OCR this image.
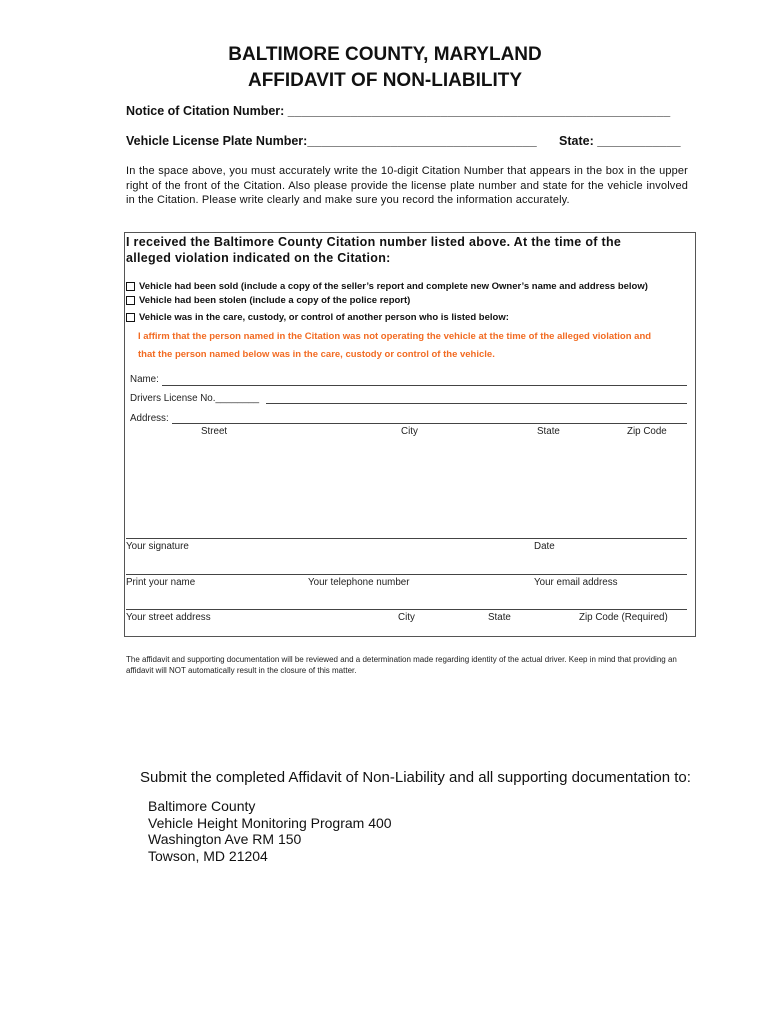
BALTIMORE COUNTY, MARYLAND
AFFIDAVIT OF NON-LIABILITY
Notice of Citation Number: _______________________________________________________
Vehicle License Plate Number:_________________________________ State: ____________
In the space above, you must accurately write the 10-digit Citation Number that appears in the box in the upper right of the front of the Citation. Also please provide the license plate number and state for the vehicle involved in the Citation. Please write clearly and make sure you record the information accurately.
I received the Baltimore County Citation number listed above. At the time of the
alleged violation indicated on the Citation:
Vehicle had been sold (include a copy of the seller’s report and complete new Owner’s name and address below)
Vehicle had been stolen (include a copy of the police report)
Vehicle was in the care, custody, or control of another person who is listed below:
I affirm that the person named in the Citation was not operating the vehicle at the time of the alleged violation and
that the person named below was in the care, custody or control of the vehicle.
Name:
Drivers License No.________
Address:
Street	City	State	Zip Code
Your signature	Date
Print your name	Your telephone number	Your email address
Your street address	City	State	Zip Code (Required)
The affidavit and supporting documentation will be reviewed and a determination made regarding identity of the actual driver. Keep in mind that providing an affidavit will NOT automatically result in the closure of this matter.
Submit the completed Affidavit of Non-Liability and all supporting documentation to:
Baltimore County
Vehicle Height Monitoring Program 400
Washington Ave RM 150
Towson, MD 21204
